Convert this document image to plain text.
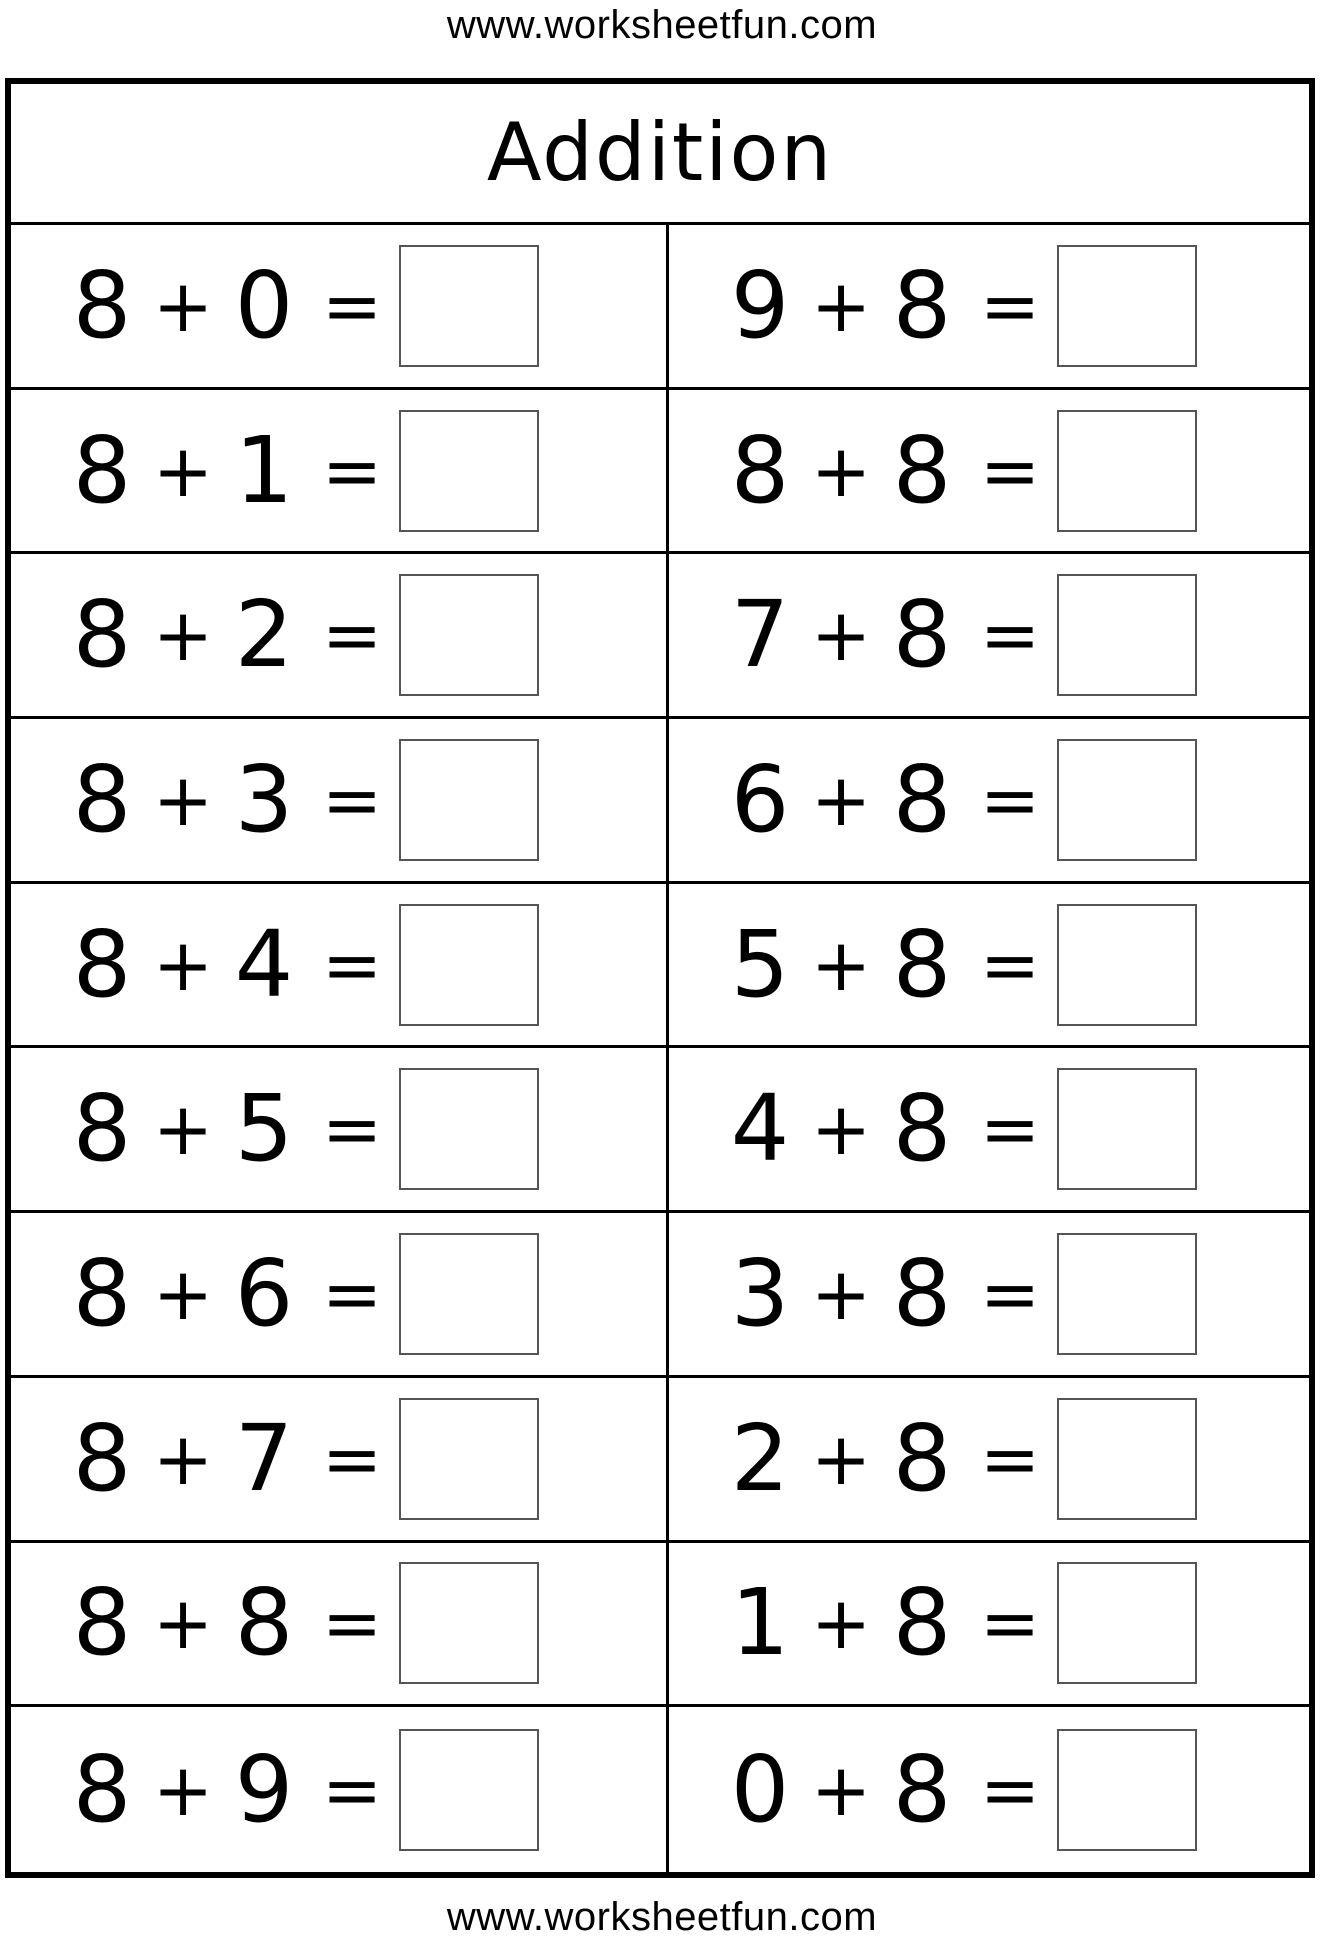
www.worksheetfun.com
Addition
8 + 0 =	9 + 8 =
8 + 1 =	8 + 8 =
8 + 2 =	7 + 8 =
8 + 3 =	6 + 8 =
8 + 4 =	5 + 8 =
8 + 5 =	4 + 8 =
8 + 6 =	3 + 8 =
8 + 7 =	2 + 8 =
8 + 8 =	1 + 8 =
8 + 9 =	0 + 8 =
www.worksheetfun.com
